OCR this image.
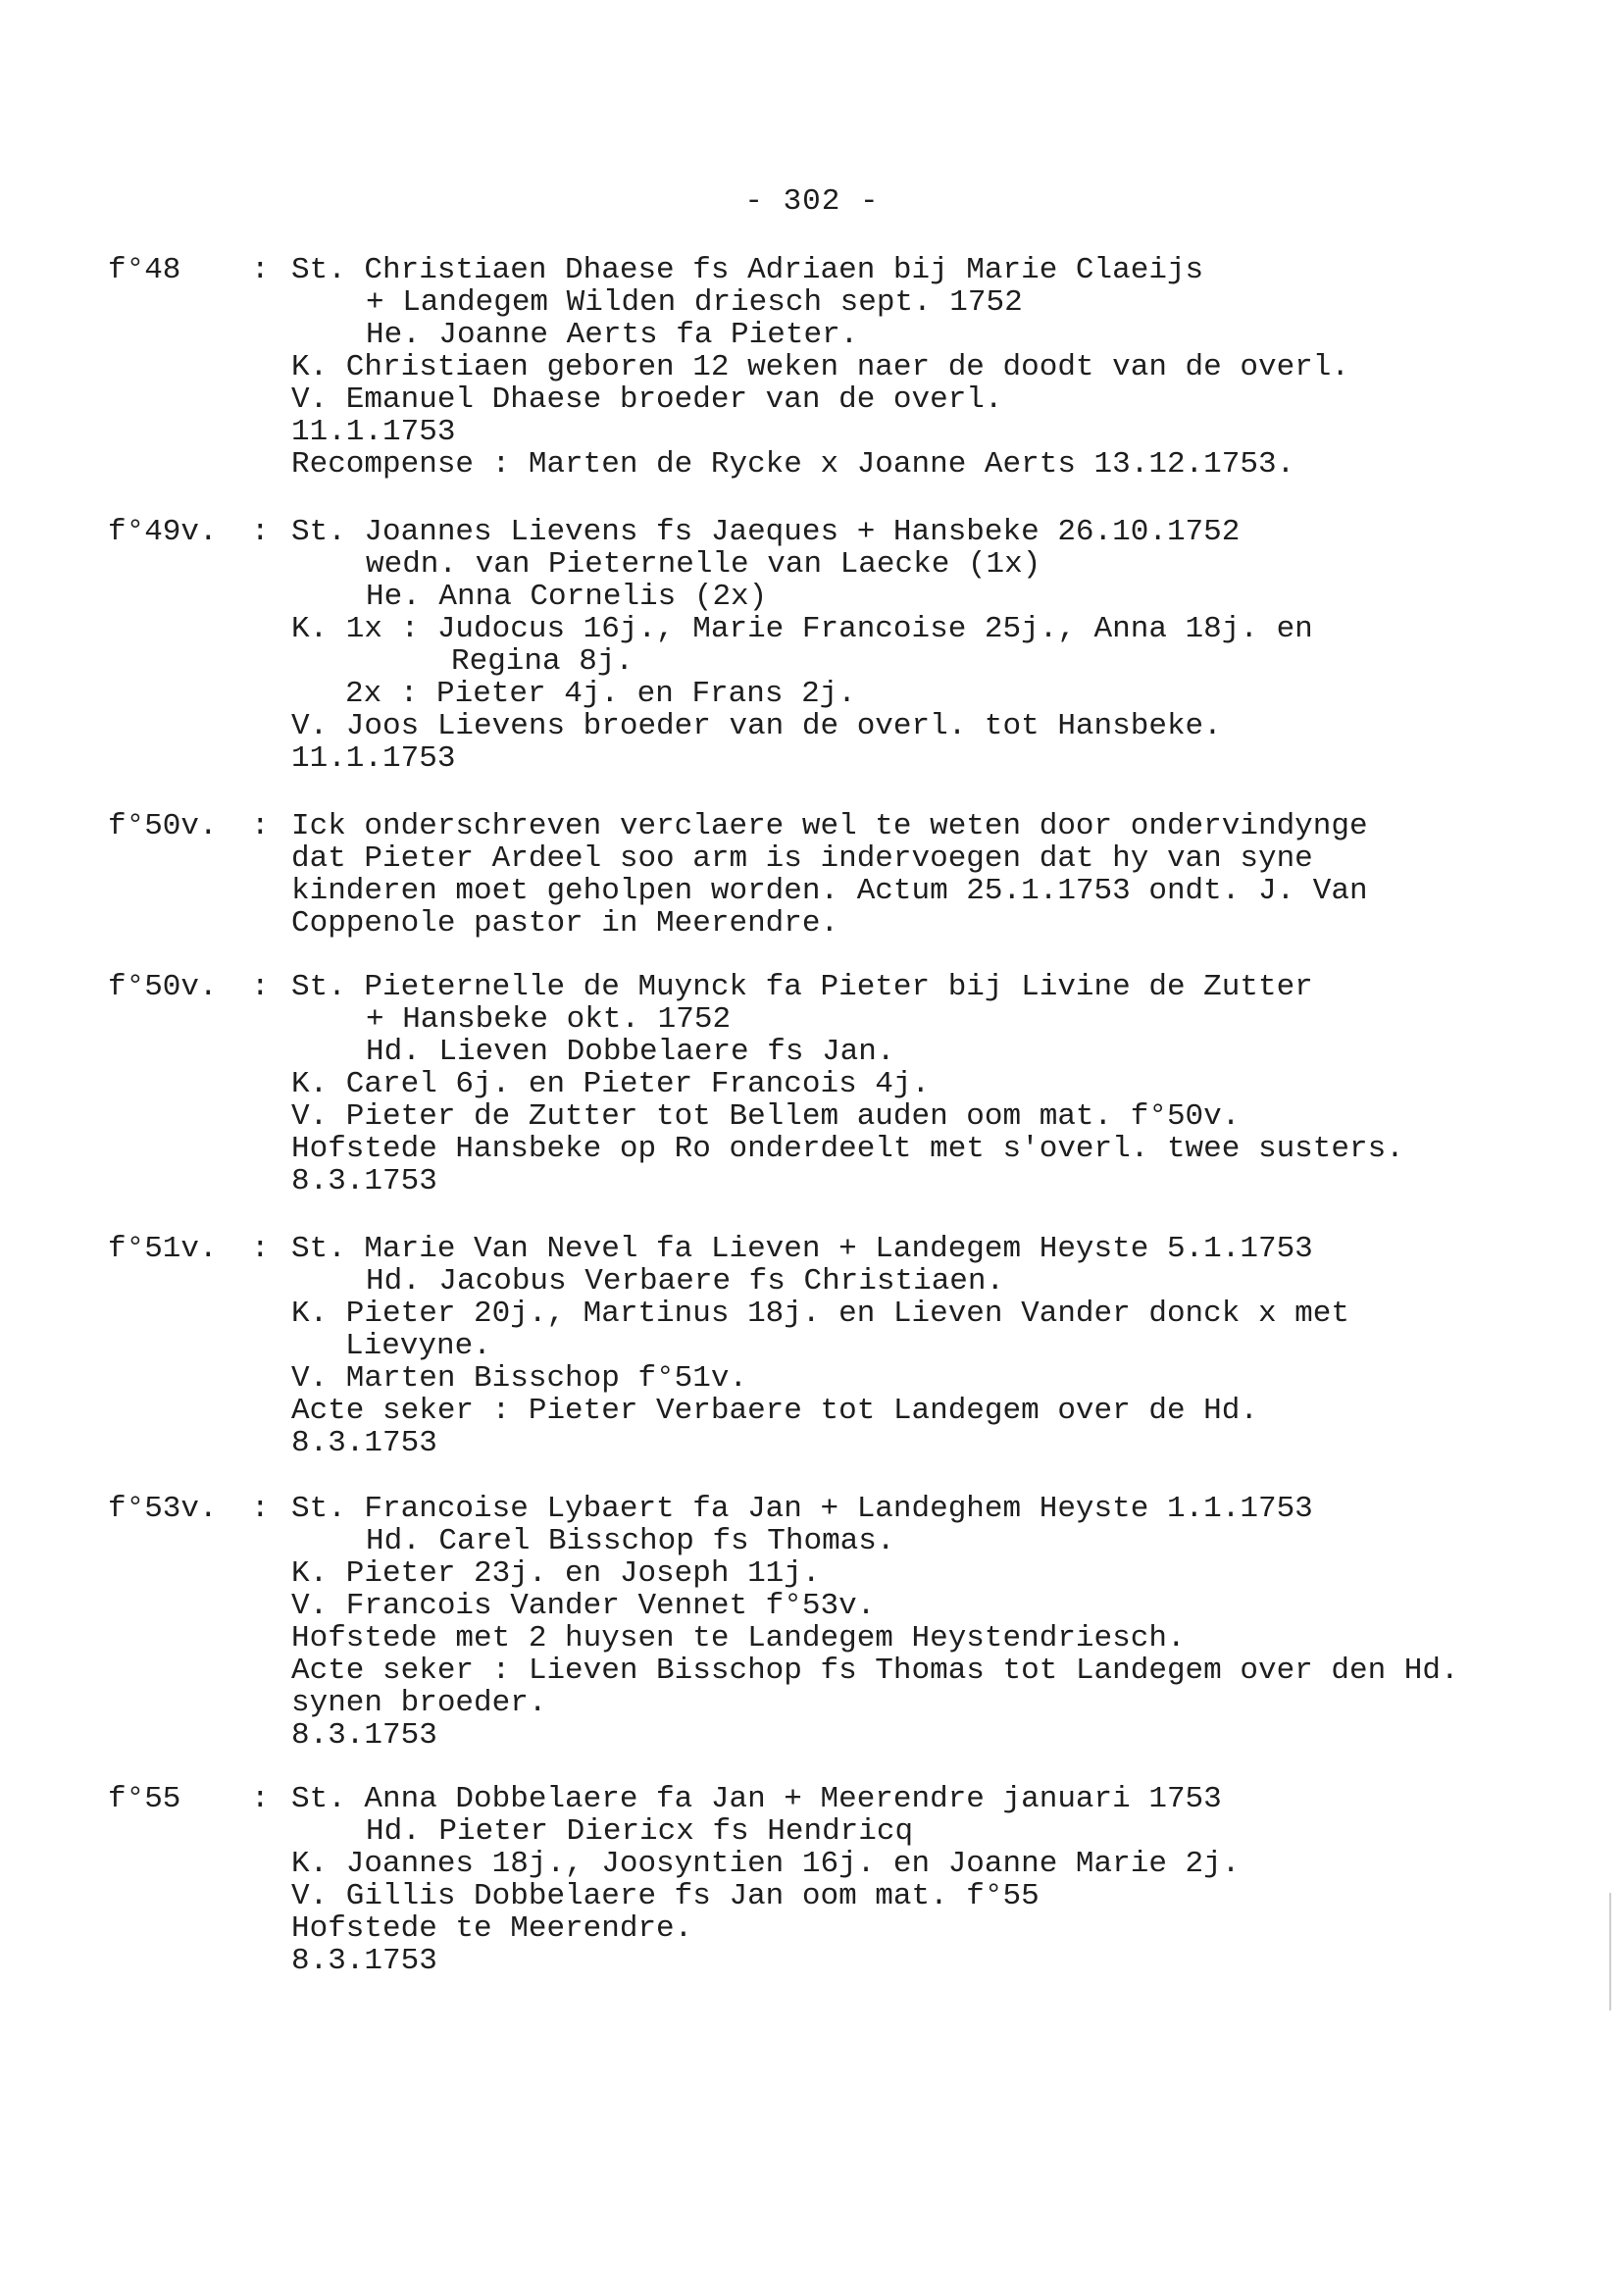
- 302 -
f°48 : St. Christiaen Dhaese fs Adriaen bij Marie Claeijs
+ Landegem Wilden driesch sept. 1752
He. Joanne Aerts fa Pieter.
K. Christiaen geboren 12 weken naer de doodt van de overl.
V. Emanuel Dhaese broeder van de overl.
11.1.1753
Recompense : Marten de Rycke x Joanne Aerts 13.12.1753.
f°49v. : St. Joannes Lievens fs Jaeques + Hansbeke 26.10.1752
wedn. van Pieternelle van Laecke (1x)
He. Anna Cornelis (2x)
K. 1x : Judocus 16j., Marie Francoise 25j., Anna 18j. en
Regina 8j.
2x : Pieter 4j. en Frans 2j.
V. Joos Lievens broeder van de overl. tot Hansbeke.
11.1.1753
f°50v. : Ick onderschreven verclaere wel te weten door ondervindynge
dat Pieter Ardeel soo arm is indervoegen dat hy van syne
kinderen moet geholpen worden. Actum 25.1.1753 ondt. J. Van
Coppenole pastor in Meerendre.
f°50v. : St. Pieternelle de Muynck fa Pieter bij Livine de Zutter
+ Hansbeke okt. 1752
Hd. Lieven Dobbelaere fs Jan.
K. Carel 6j. en Pieter Francois 4j.
V. Pieter de Zutter tot Bellem auden oom mat. f°50v.
Hofstede Hansbeke op Ro onderdeelt met s'overl. twee susters.
8.3.1753
f°51v. : St. Marie Van Nevel fa Lieven + Landegem Heyste 5.1.1753
Hd. Jacobus Verbaere fs Christiaen.
K. Pieter 20j., Martinus 18j. en Lieven Vander donck x met
Lievyne.
V. Marten Bisschop f°51v.
Acte seker : Pieter Verbaere tot Landegem over de Hd.
8.3.1753
f°53v. : St. Francoise Lybaert fa Jan + Landeghem Heyste 1.1.1753
Hd. Carel Bisschop fs Thomas.
K. Pieter 23j. en Joseph 11j.
V. Francois Vander Vennet f°53v.
Hofstede met 2 huysen te Landegem Heystendriesch.
Acte seker : Lieven Bisschop fs Thomas tot Landegem over den Hd.
synen broeder.
8.3.1753
f°55 : St. Anna Dobbelaere fa Jan + Meerendre januari 1753
Hd. Pieter Diericx fs Hendricq
K. Joannes 18j., Joosyntien 16j. en Joanne Marie 2j.
V. Gillis Dobbelaere fs Jan oom mat. f°55
Hofstede te Meerendre.
8.3.1753
